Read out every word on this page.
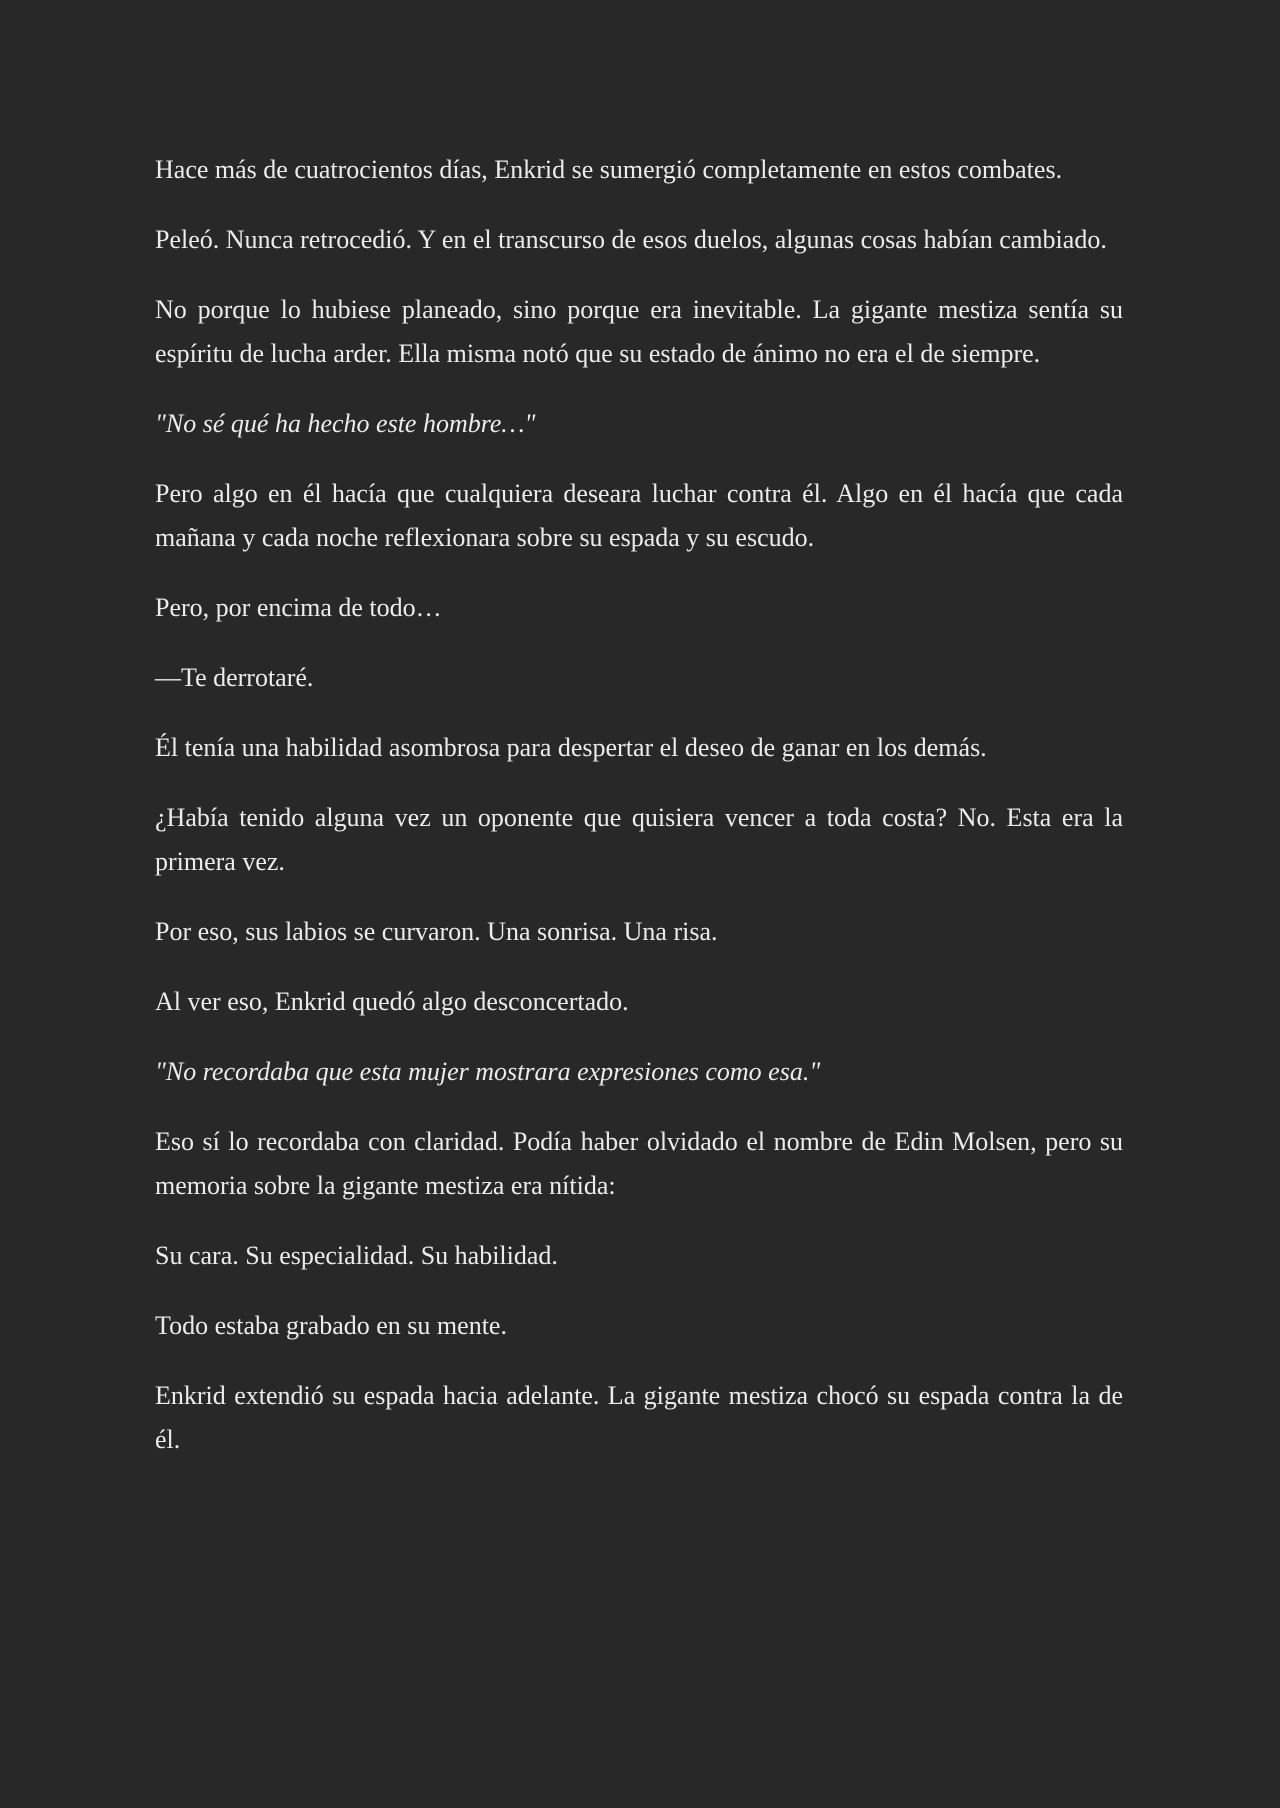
Hace más de cuatrocientos días, Enkrid se sumergió completamente en estos combates.

Peleó. Nunca retrocedió. Y en el transcurso de esos duelos, algunas cosas habían cambiado.

No porque lo hubiese planeado, sino porque era inevitable. La gigante mestiza sentía su espíritu de lucha arder. Ella misma notó que su estado de ánimo no era el de siempre.

"No sé qué ha hecho este hombre…"

Pero algo en él hacía que cualquiera deseara luchar contra él. Algo en él hacía que cada mañana y cada noche reflexionara sobre su espada y su escudo.

Pero, por encima de todo…

—Te derrotaré.

Él tenía una habilidad asombrosa para despertar el deseo de ganar en los demás.

¿Había tenido alguna vez un oponente que quisiera vencer a toda costa? No. Esta era la primera vez.

Por eso, sus labios se curvaron. Una sonrisa. Una risa.

Al ver eso, Enkrid quedó algo desconcertado.

"No recordaba que esta mujer mostrara expresiones como esa."

Eso sí lo recordaba con claridad. Podía haber olvidado el nombre de Edin Molsen, pero su memoria sobre la gigante mestiza era nítida:

Su cara. Su especialidad. Su habilidad.

Todo estaba grabado en su mente.

Enkrid extendió su espada hacia adelante. La gigante mestiza chocó su espada contra la de él.
